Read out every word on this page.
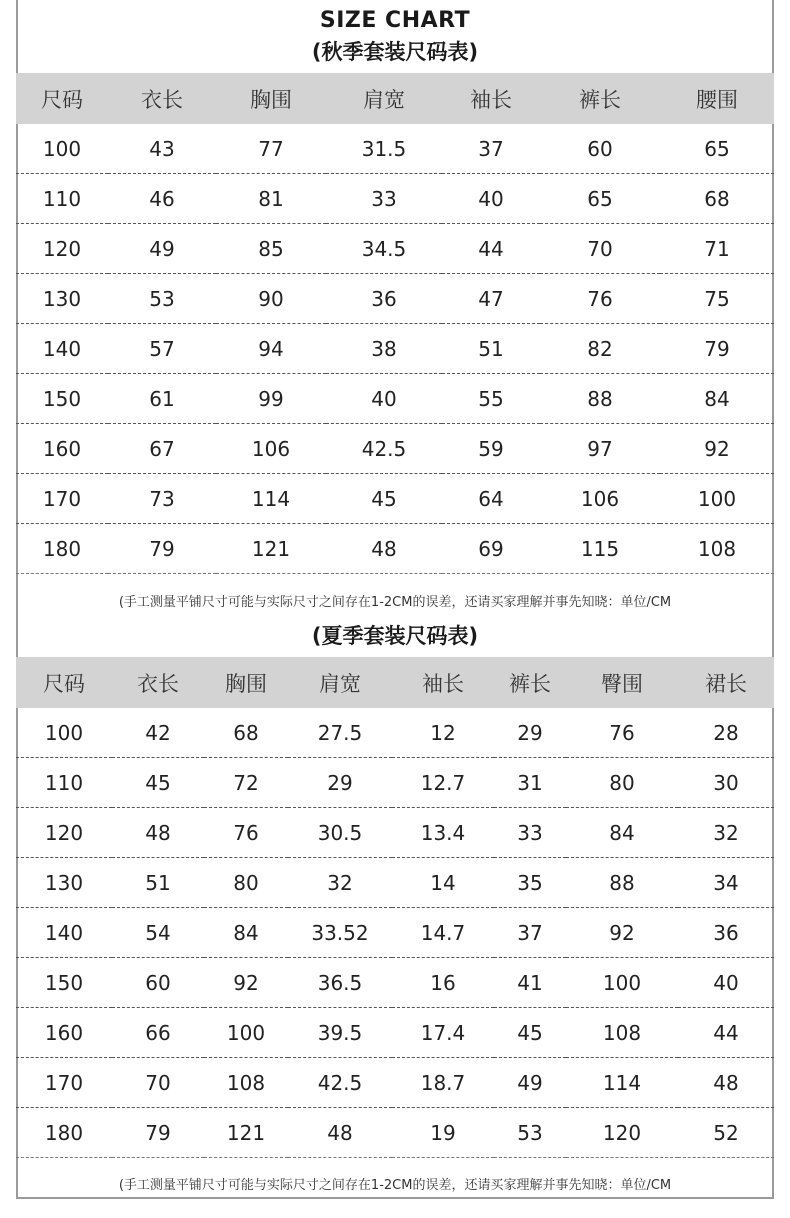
SIZE CHART
(秋季套装尺码表)
尺码	衣长	胸围	肩宽	袖长	裤长	腰围
100	43	77	31.5	37	60	65
110	46	81	33	40	65	68
120	49	85	34.5	44	70	71
130	53	90	36	47	76	75
140	57	94	38	51	82	79
150	61	99	40	55	88	84
160	67	106	42.5	59	97	92
170	73	114	45	64	106	100
180	79	121	48	69	115	108
(手工测量平铺尺寸可能与实际尺寸之间存在1-2CM的误差，还请买家理解并事先知晓：单位/CM
(夏季套装尺码表)
尺码	衣长	胸围	肩宽	袖长	裤长	臀围	裙长
100	42	68	27.5	12	29	76	28
110	45	72	29	12.7	31	80	30
120	48	76	30.5	13.4	33	84	32
130	51	80	32	14	35	88	34
140	54	84	33.52	14.7	37	92	36
150	60	92	36.5	16	41	100	40
160	66	100	39.5	17.4	45	108	44
170	70	108	42.5	18.7	49	114	48
180	79	121	48	19	53	120	52
(手工测量平铺尺寸可能与实际尺寸之间存在1-2CM的误差，还请买家理解并事先知晓：单位/CM
